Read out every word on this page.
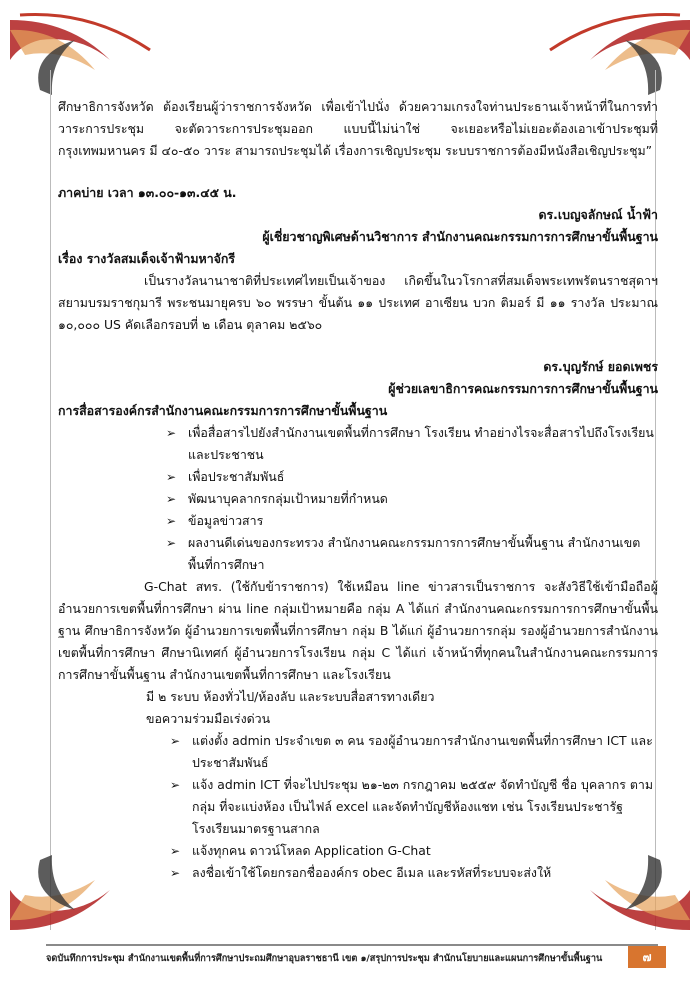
ศึกษาธิการจังหวัด ต้องเรียนผู้ว่าราชการจังหวัด เพื่อเข้าไปนั่ง ด้วยความเกรงใจท่านประธานเจ้าหน้าที่ในการทำวาระการประชุม จะตัดวาระการประชุมออก แบบนี้ไม่น่าใช่ จะเยอะหรือไม่เยอะต้องเอาเข้าประชุมที่กรุงเทพมหานคร มี ๔๐-๕๐ วาระ สามารถประชุมได้ เรื่องการเชิญประชุม ระบบราชการต้องมีหนังสือเชิญประชุม”

ภาคบ่าย เวลา ๑๓.๐๐-๑๓.๔๕ น.

ดร.เบญจลักษณ์ น้ำฟ้า

ผู้เชี่ยวชาญพิเศษด้านวิชาการ สำนักงานคณะกรรมการการศึกษาขั้นพื้นฐาน

เรื่อง รางวัลสมเด็จเจ้าฟ้ามหาจักรี

เป็นรางวัลนานาชาติที่ประเทศไทยเป็นเจ้าของ เกิดขึ้นในวโรกาสที่สมเด็จพระเทพรัตนราชสุดาฯ สยามบรมราชกุมารี พระชนมายุครบ ๖๐ พรรษา ขั้นต้น ๑๑ ประเทศ อาเซียน บวก ติมอร์ มี ๑๑ รางวัล ประมาณ ๑๐,๐๐๐ US คัดเลือกรอบที่ ๒ เดือน ตุลาคม ๒๕๖๐

ดร.บุญรักษ์ ยอดเพชร

ผู้ช่วยเลขาธิการคณะกรรมการการศึกษาขั้นพื้นฐาน

การสื่อสารองค์กรสำนักงานคณะกรรมการการศึกษาขั้นพื้นฐาน

➢ เพื่อสื่อสารไปยังสำนักงานเขตพื้นที่การศึกษา โรงเรียน ทำอย่างไรจะสื่อสารไปถึงโรงเรียนและประชาชน
➢ เพื่อประชาสัมพันธ์
➢ พัฒนาบุคลากรกลุ่มเป้าหมายที่กำหนด
➢ ข้อมูลข่าวสาร
➢ ผลงานดีเด่นของกระทรวง สำนักงานคณะกรรมการการศึกษาขั้นพื้นฐาน สำนักงานเขตพื้นที่การศึกษา

G-Chat สทร. (ใช้กับข้าราชการ) ใช้เหมือน line ข่าวสารเป็นราชการ จะสังวิธีใช้เข้ามือถือผู้อำนวยการเขตพื้นที่การศึกษา ผ่าน line กลุ่มเป้าหมายคือ กลุ่ม A ได้แก่ สำนักงานคณะกรรมการการศึกษาขั้นพื้นฐาน ศึกษาธิการจังหวัด ผู้อำนวยการเขตพื้นที่การศึกษา กลุ่ม B ได้แก่ ผู้อำนวยการกลุ่ม รองผู้อำนวยการสำนักงานเขตพื้นที่การศึกษา ศึกษานิเทศก์ ผู้อำนวยการโรงเรียน กลุ่ม C ได้แก่ เจ้าหน้าที่ทุกคนในสำนักงานคณะกรรมการการศึกษาขั้นพื้นฐาน สำนักงานเขตพื้นที่การศึกษา และโรงเรียน

มี ๒ ระบบ ห้องทั่วไป/ห้องลับ และระบบสื่อสารทางเดียว

ขอความร่วมมือเร่งด่วน

➢ แต่งตั้ง admin ประจำเขต ๓ คน รองผู้อำนวยการสำนักงานเขตพื้นที่การศึกษา ICT และประชาสัมพันธ์
➢ แจ้ง admin ICT ที่จะไปประชุม ๒๑-๒๓ กรกฎาคม ๒๕๕๙ จัดทำบัญชี ชื่อ บุคลากร ตามกลุ่ม ที่จะแบ่งห้อง เป็นไฟล์ excel และจัดทำบัญชีห้องแชท เช่น โรงเรียนประชารัฐ โรงเรียนมาตรฐานสากล
➢ แจ้งทุกคน ดาวน์โหลด Application G-Chat
➢ ลงชื่อเข้าใช้โดยกรอกชื่อองค์กร obec อีเมล และรหัสที่ระบบจะส่งให้
จดบันทึกการประชุม สำนักงานเขตพื้นที่การศึกษาประถมศึกษาอุบลราชธานี เขต ๑/สรุปการประชุม สำนักนโยบายและแผนการศึกษาขั้นพื้นฐาน	๗
